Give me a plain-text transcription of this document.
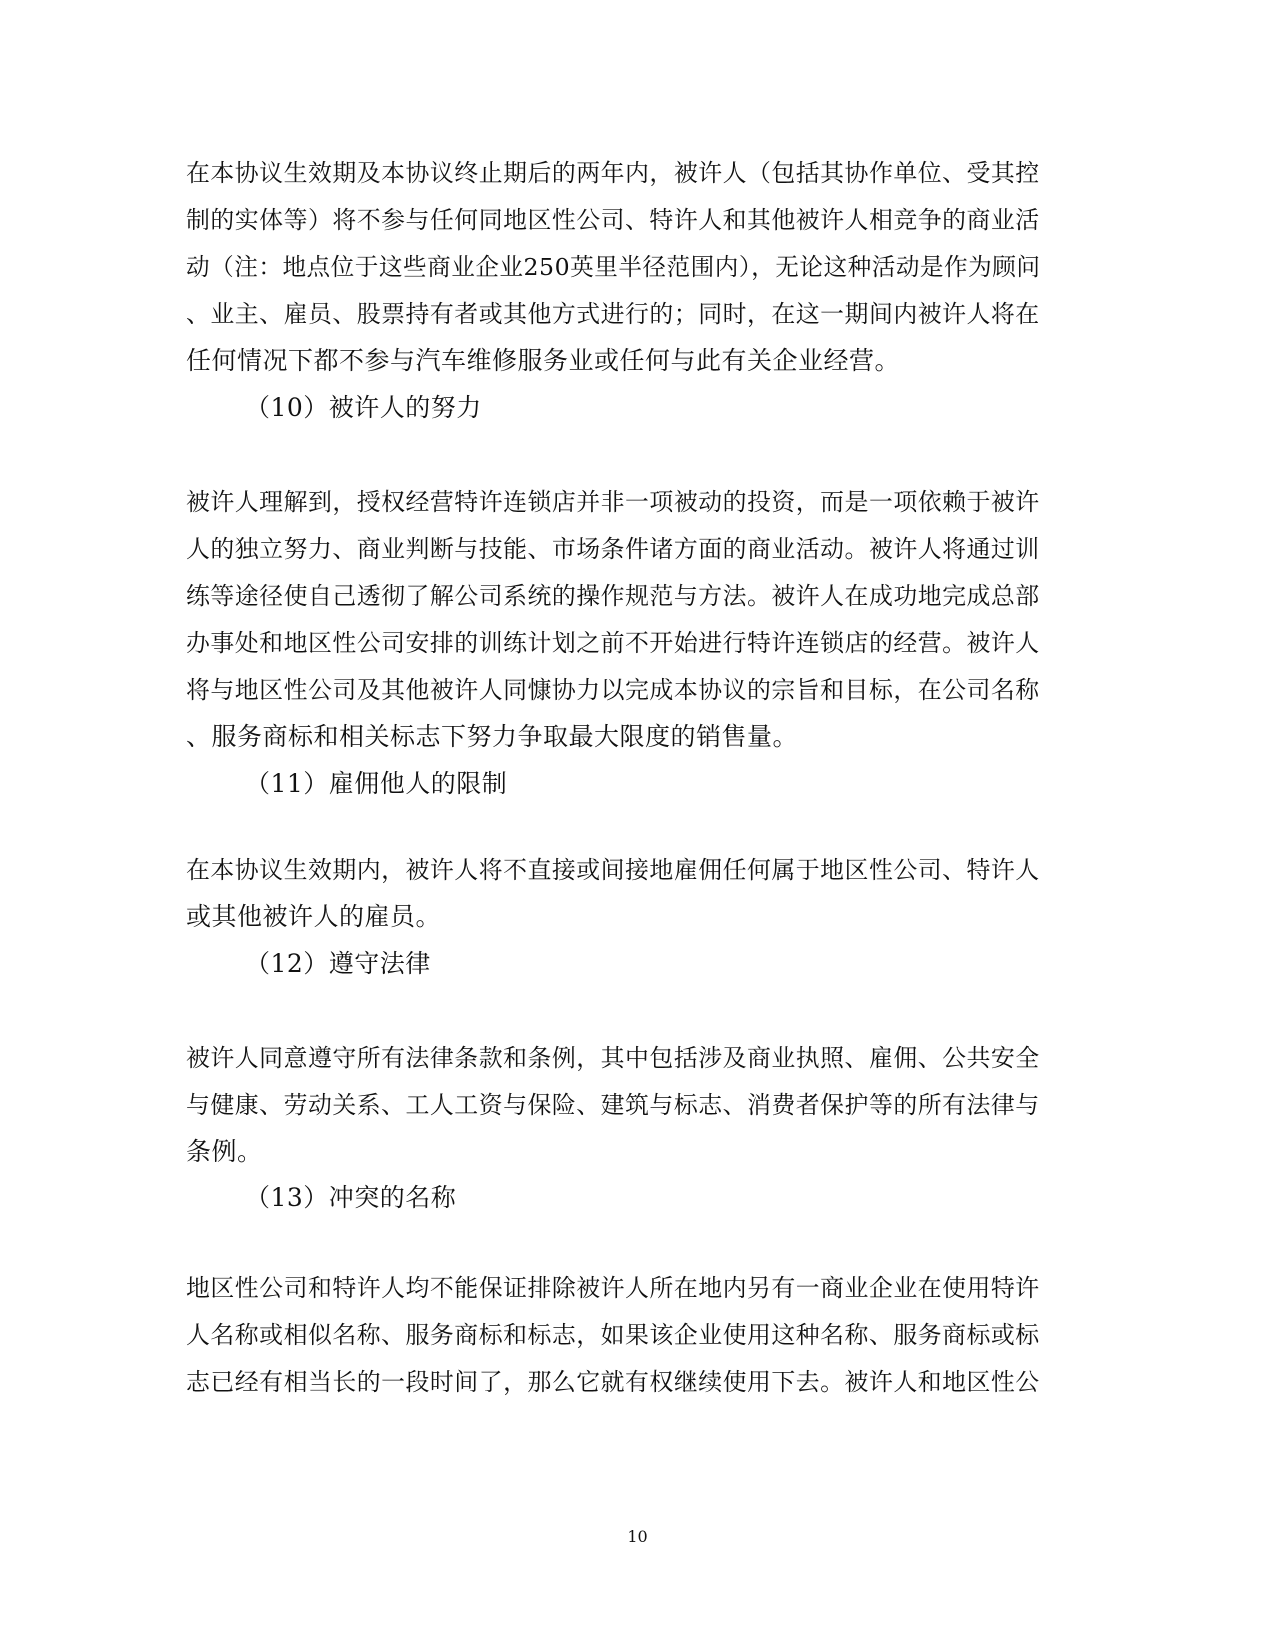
在本协议生效期及本协议终止期后的两年内，被许人（包括其协作单位、受其控
制的实体等）将不参与任何同地区性公司、特许人和其他被许人相竞争的商业活
动（注：地点位于这些商业企业250英里半径范围内），无论这种活动是作为顾问
、业主、雇员、股票持有者或其他方式进行的；同时，在这一期间内被许人将在
任何情况下都不参与汽车维修服务业或任何与此有关企业经营。
（10）被许人的努力
被许人理解到，授权经营特许连锁店并非一项被动的投资，而是一项依赖于被许
人的独立努力、商业判断与技能、市场条件诸方面的商业活动。被许人将通过训
练等途径使自己透彻了解公司系统的操作规范与方法。被许人在成功地完成总部
办事处和地区性公司安排的训练计划之前不开始进行特许连锁店的经营。被许人
将与地区性公司及其他被许人同慷协力以完成本协议的宗旨和目标，在公司名称
、服务商标和相关标志下努力争取最大限度的销售量。
（11）雇佣他人的限制
在本协议生效期内，被许人将不直接或间接地雇佣任何属于地区性公司、特许人
或其他被许人的雇员。
（12）遵守法律
被许人同意遵守所有法律条款和条例，其中包括涉及商业执照、雇佣、公共安全
与健康、劳动关系、工人工资与保险、建筑与标志、消费者保护等的所有法律与
条例。
（13）冲突的名称
地区性公司和特许人均不能保证排除被许人所在地内另有一商业企业在使用特许
人名称或相似名称、服务商标和标志，如果该企业使用这种名称、服务商标或标
志已经有相当长的一段时间了，那么它就有权继续使用下去。被许人和地区性公
10
